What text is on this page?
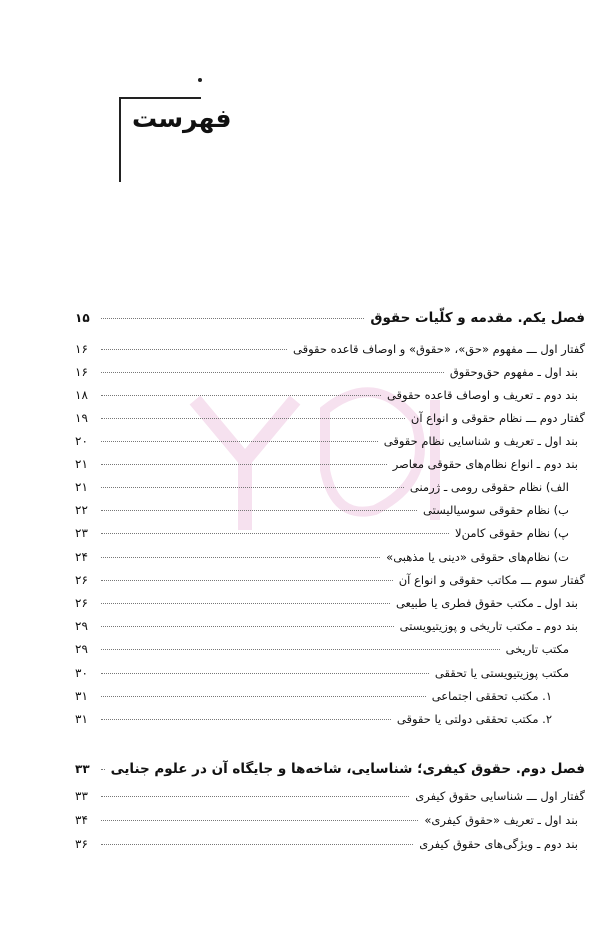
فهرست
فصل یکم. مقدمه و کلّیات حقوق
۱۵
گفتار اول ـــ مفهوم «حق»، «حقوق» و اوصاف قاعده حقوقی
۱۶
بند اول ـ مفهوم حق‌وحقوق
۱۶
بند دوم ـ تعریف و اوصاف قاعده حقوقی
۱۸
گفتار دوم ـــ نظام حقوقی و انواع آن
۱۹
بند اول ـ تعریف و شناسایی نظام حقوقی
۲۰
بند دوم ـ انواع نظام‌های حقوقی معاصر
۲۱
الف) نظام حقوقی رومی ـ ژرمنی
۲۱
ب) نظام حقوقی سوسیالیستی
۲۲
پ) نظام حقوقی کامن‌لا
۲۳
ت) نظام‌های حقوقی «دینی یا مذهبی»
۲۴
گفتار سوم ـــ مکاتب حقوقی و انواع آن
۲۶
بند اول ـ مکتب حقوق فطری یا طبیعی
۲۶
بند دوم ـ مکتب تاریخی و پوزیتیویستی
۲۹
مکتب تاریخی
۲۹
مکتب پوزیتیویستی یا تحققی
۳۰
۱. مکتب تحققی اجتماعی
۳۱
۲. مکتب تحققی دولتی یا حقوقی
۳۱
فصل دوم. حقوق کیفری؛ شناسایی، شاخه‌ها و جایگاه آن در علوم جنایی
۳۳
گفتار اول ـــ شناسایی حقوق کیفری
۳۳
بند اول ـ تعریف «حقوق کیفری»
۳۴
بند دوم ـ ویژگی‌های حقوق کیفری
۳۶
